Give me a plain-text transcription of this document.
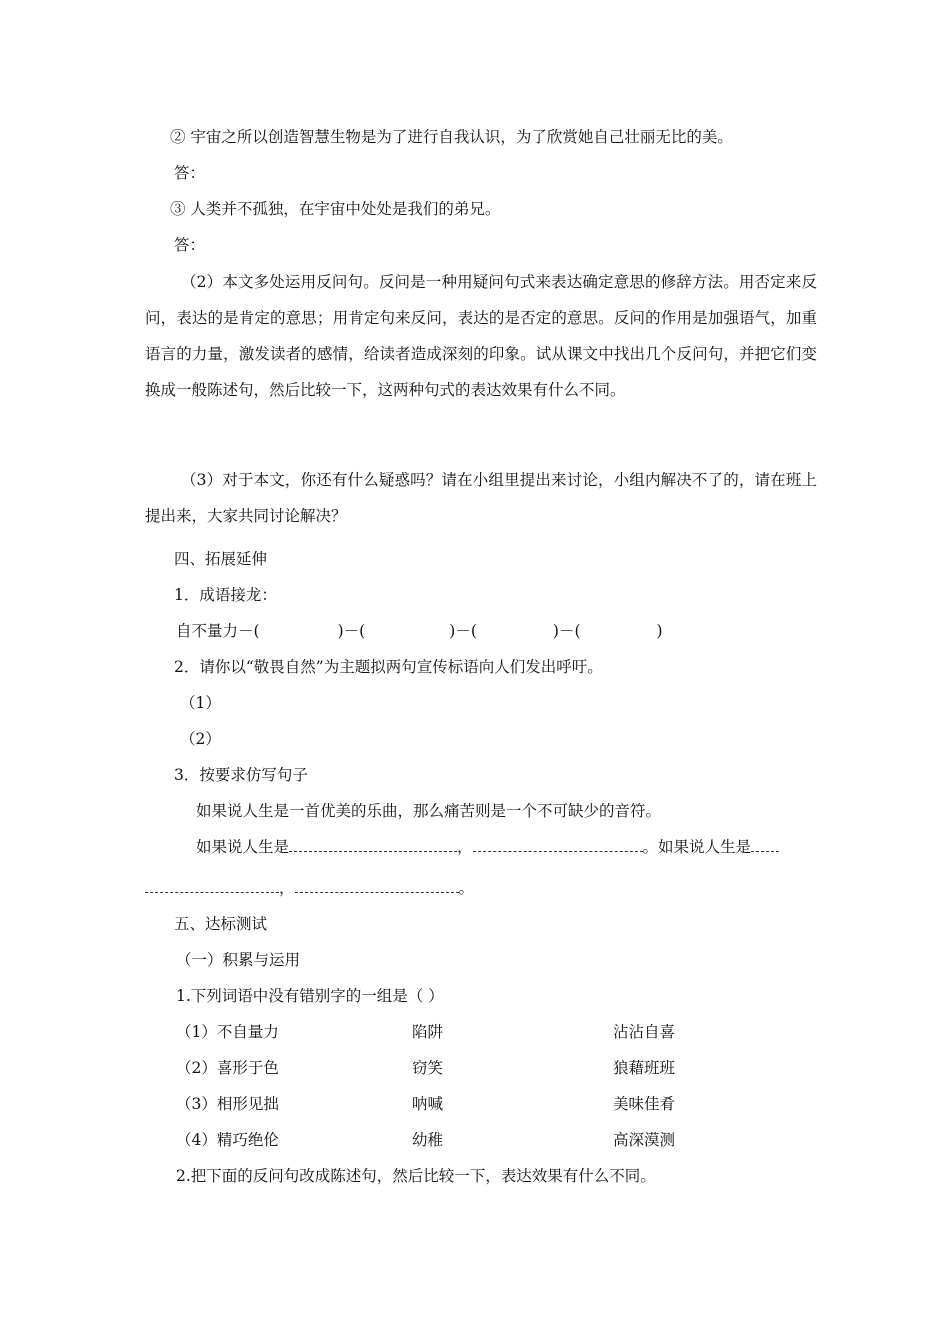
② 宇宙之所以创造智慧生物是为了进行自我认识，为了欣赏她自己壮丽无比的美。
答：
③ 人类并不孤独，在宇宙中处处是我们的弟兄。
答：
（2）本文多处运用反问句。反问是一种用疑问句式来表达确定意思的修辞方法。用否定来反问，表达的是肯定的意思；用肯定句来反问，表达的是否定的意思。反问的作用是加强语气，加重语言的力量，激发读者的感情，给读者造成深刻的印象。试从课文中找出几个反问句，并把它们变换成一般陈述句，然后比较一下，这两种句式的表达效果有什么不同。
（3）对于本文，你还有什么疑惑吗？请在小组里提出来讨论，小组内解决不了的，请在班上提出来，大家共同讨论解决？
四、拓展延伸
1．成语接龙：
自不量力－(	)－(	)－(	)－(	)
2．请你以“敬畏自然”为主题拟两句宣传标语向人们发出呼吁。
（1）
（2）
3．按要求仿写句子
如果说人生是一首优美的乐曲，那么痛苦则是一个不可缺少的音符。
如果说人生是	，	。如果说人生是
，	。
五、达标测试
（一）积累与运用
1.下列词语中没有错别字的一组是（ ）
（1）不自量力	陷阱	沾沾自喜
（2）喜形于色	窃笑	狼藉班班
（3）相形见拙	呐喊	美味佳肴
（4）精巧绝伦	幼稚	高深漠测
2.把下面的反问句改成陈述句，然后比较一下，表达效果有什么不同。
